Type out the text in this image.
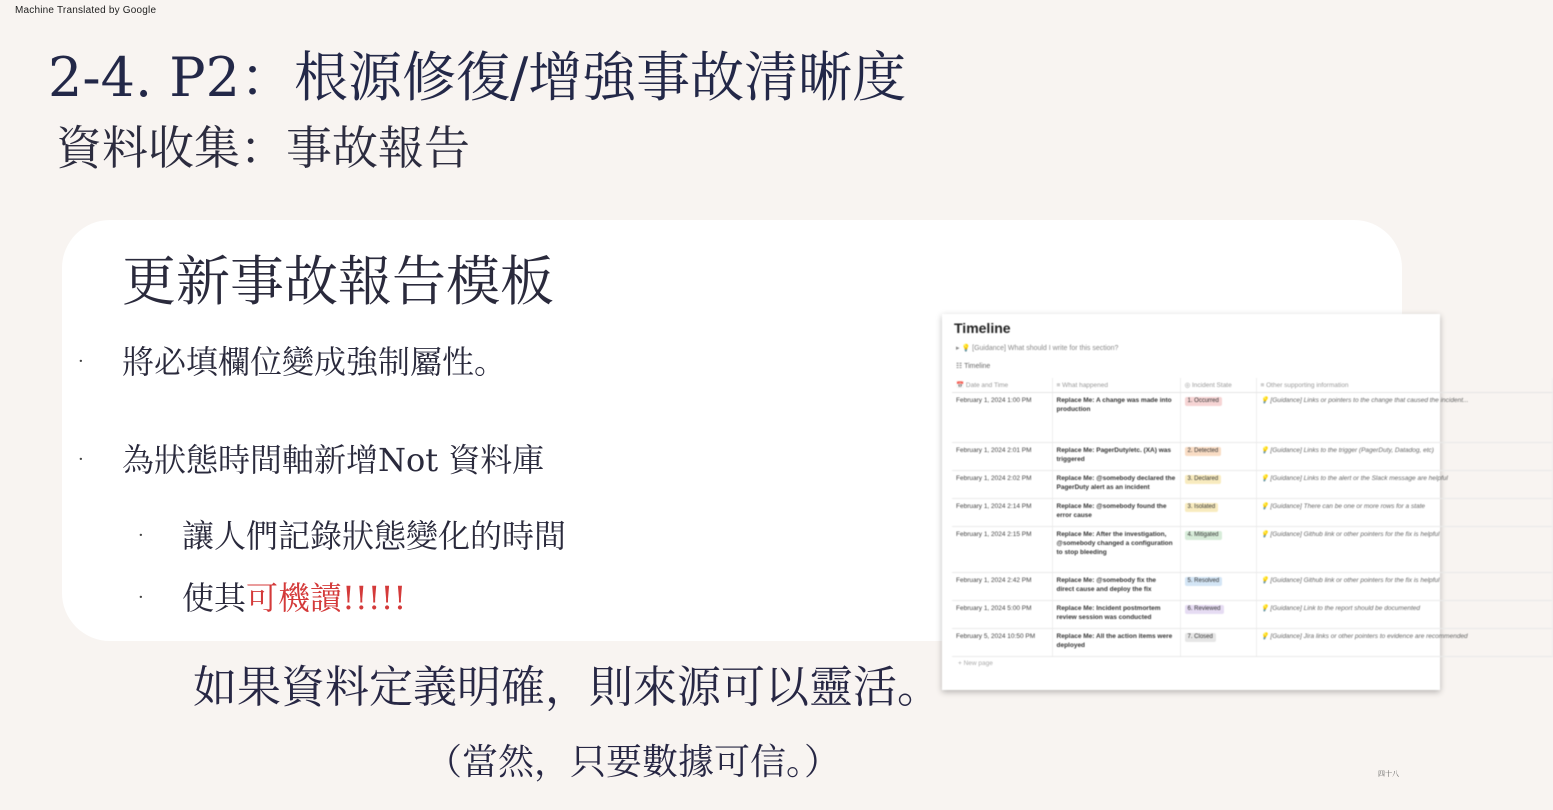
Machine Translated by Google
2-4. P2：根源修復/增強事故清晰度
資料收集：事故報告
更新事故報告模板
· 將必填欄位變成強制屬性。
· 為狀態時間軸新增Not 資料庫
· 讓人們記錄狀態變化的時間
· 使其可機讀!!!!!
Timeline
▸ 💡 [Guidance] What should I write for this section?
☷ Timeline
📅 Date and Time	≡ What happened	◎ Incident State	≡ Other supporting information
February 1, 2024 1:00 PM	Replace Me: A change was made into production	1. Occurred	💡 [Guidance] Links or pointers to the change that caused the incident...
February 1, 2024 2:01 PM	Replace Me: PagerDuty/etc. (XA) was triggered	2. Detected	💡 [Guidance] Links to the trigger (PagerDuty, Datadog, etc)
February 1, 2024 2:02 PM	Replace Me: @somebody declared the PagerDuty alert as an incident	3. Declared	💡 [Guidance] Links to the alert or the Slack message are helpful
February 1, 2024 2:14 PM	Replace Me: @somebody found the error cause	3. Isolated	💡 [Guidance] There can be one or more rows for a state
February 1, 2024 2:15 PM	Replace Me: After the investigation, @somebody changed a configuration to stop bleeding	4. Mitigated	💡 [Guidance] Github link or other pointers for the fix is helpful
February 1, 2024 2:42 PM	Replace Me: @somebody fix the direct cause and deploy the fix	5. Resolved	💡 [Guidance] Github link or other pointers for the fix is helpful
February 1, 2024 5:00 PM	Replace Me: Incident postmortem review session was conducted	6. Reviewed	💡 [Guidance] Link to the report should be documented
February 5, 2024 10:50 PM	Replace Me: All the action items were deployed	7. Closed	💡 [Guidance] Jira links or other pointers to evidence are recommended
+ New page
如果資料定義明確，則來源可以靈活。
（當然，只要數據可信。）	四十八
